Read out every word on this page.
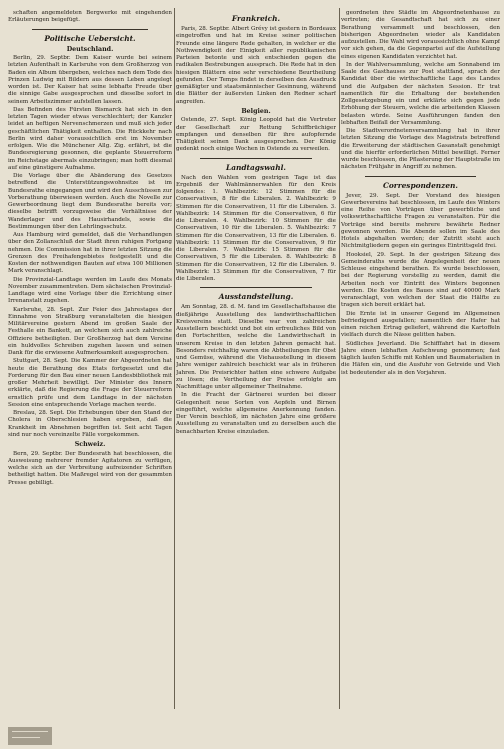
schaften angemeldeten Bergwerke mit eingehenden Erläuterungen beigefügt.

Politische Uebersicht.
Deutschland.

Berlin, 29. Septbr. Dem Kaiser wurde bei seinem letzten Aufenthalt in Karlsruhe von dem Großherzog von Baden ein Album übergeben, welches nach dem Tode des Prinzen Ludwig mit Bildern aus dessen Leben angelegt worden ist. Der Kaiser hat seine lebhafte Freude über die sinnige Gabe ausgesprochen und dieselbe sofort in seinem Arbeitszimmer aufstellen lassen.

Das Befinden des Fürsten Bismarck hat sich in den letzten Tagen wieder etwas verschlechtert; der Kanzler leidet an heftigen Nervenschmerzen und muß sich jeder geschäftlichen Thätigkeit enthalten. Die Rückkehr nach Berlin wird daher voraussichtlich erst im November erfolgen. Wie die Münchener Allg. Zig. erfährt, ist die Bundesregierung gesonnen, die geplante Steuerreform im Reichstage abermals einzubringen; man hofft diesmal auf eine günstigere Aufnahme.

Die Vorlage über die Abänderung des Gesetzes betreffend die Unterstützungswohnsitze ist im Bundesrathe eingegangen und wird den Ausschüssen zur Vorberathung überwiesen werden. Auch die Novelle zur Gewerbeordnung liegt dem Bundesrathe bereits vor; dieselbe betrifft vorzugsweise die Verhältnisse der Wanderlager und des Hausirhandels, sowie die Bestimmungen über den Lehrlingsschutz.

Aus Hamburg wird gemeldet, daß die Verhandlungen über den Zollanschluß der Stadt ihren ruhigen Fortgang nehmen. Die Commission hat in ihrer letzten Sitzung die Grenzen des Freihafengebietes festgestellt und die Kosten der nothwendigen Bauten auf etwa 100 Millionen Mark veranschlagt.

Die Provinzial-Landtage werden im Laufe des Monats November zusammentreten. Dem sächsischen Provinzial-Landtage wird eine Vorlage über die Errichtung einer Irrenanstalt zugehen.

Karlsruhe, 28. Sept. Zur Feier des Jahrestages der Einnahme von Straßburg veranstalteten die hiesigen Militärvereine gestern Abend im großen Saale der Festhalle ein Bankett, an welchem sich auch zahlreiche Offiziere betheiligten. Der Großherzog hat dem Vereine ein huldvolles Schreiben zugehen lassen und seinen Dank für die erwiesene Aufmerksamkeit ausgesprochen.

Stuttgart, 28. Sept. Die Kammer der Abgeordneten hat heute die Berathung des Etats fortgesetzt und die Forderung für den Bau einer neuen Landesbibliothek mit großer Mehrheit bewilligt. Der Minister des Innern erklärte, daß die Regierung die Frage der Steuerreform ernstlich prüfe und dem Landtage in der nächsten Session eine entsprechende Vorlage machen werde.

Breslau, 28. Sept. Die Erhebungen über den Stand der Cholera in Oberschlesien haben ergeben, daß die Krankheit im Abnehmen begriffen ist. Seit acht Tagen sind nur noch vereinzelte Fälle vorgekommen.

Schweiz.

Bern, 29. Septbr. Der Bundesrath hat beschlossen, die Ausweisung mehrerer fremder Agitatoren zu verfügen, welche sich an der Verbreitung aufreizender Schriften betheiligt hatten. Die Maßregel wird von der gesammten Presse gebilligt.

Frankreich.

Paris, 28. Septbr. Albert Grévy ist gestern in Bordeaux eingetroffen und hat im Kreise seiner politischen Freunde eine längere Rede gehalten, in welcher er die Nothwendigkeit der Einigkeit aller republikanischen Parteien betonte und sich entschieden gegen die radikalen Bestrebungen aussprach. Die Rede hat in den hiesigen Blättern eine sehr verschiedene Beurtheilung gefunden. Der Temps findet in derselben den Ausdruck gemäßigter und staatsmännischer Gesinnung, während die Blätter der äußersten Linken den Redner scharf angreifen.

Belgien.

Ostende, 27. Sept. König Leopold hat die Vertreter der Gesellschaft zur Rettung Schiffbrüchiger empfangen und denselben für ihre aufopfernde Thätigkeit seinen Dank ausgesprochen. Der König gedenkt noch einige Wochen in Ostende zu verweilen.

Landtagswahl.

Nach den Wahlen vom gestrigen Tage ist das Ergebniß der Wahlmännerwahlen für den Kreis folgendes: 1. Wahlbezirk: 12 Stimmen für die Conservativen, 8 für die Liberalen. 2. Wahlbezirk: 9 Stimmen für die Conservativen, 11 für die Liberalen. 3. Wahlbezirk: 14 Stimmen für die Conservativen, 6 für die Liberalen. 4. Wahlbezirk: 10 Stimmen für die Conservativen, 10 für die Liberalen. 5. Wahlbezirk: 7 Stimmen für die Conservativen, 13 für die Liberalen. 6. Wahlbezirk: 11 Stimmen für die Conservativen, 9 für die Liberalen. 7. Wahlbezirk: 15 Stimmen für die Conservativen, 5 für die Liberalen. 8. Wahlbezirk: 8 Stimmen für die Conservativen, 12 für die Liberalen. 9. Wahlbezirk: 13 Stimmen für die Conservativen, 7 für die Liberalen.

Ausstandstellung.

Am Sonntag, 28. d. M. fand im Gesellschaftshause die dießjährige Ausstellung des landwirthschaftlichen Kreisvereins statt. Dieselbe war von zahlreichen Ausstellern beschickt und bot ein erfreuliches Bild von den Fortschritten, welche die Landwirthschaft in unserem Kreise in den letzten Jahren gemacht hat. Besonders reichhaltig waren die Abtheilungen für Obst und Gemüse, während die Viehausstellung in diesem Jahre weniger zahlreich beschickt war als in früheren Jahren. Die Preisrichter hatten eine schwere Aufgabe zu lösen; die Vertheilung der Preise erfolgte am Nachmittage unter allgemeiner Theilnahme.

In die Fracht der Gärtnerei wurden bei dieser Gelegenheit neue Sorten von Aepfeln und Birnen eingeführt, welche allgemeine Anerkennung fanden. Der Verein beschloß, im nächsten Jahre eine größere Ausstellung zu veranstalten und zu derselben auch die benachbarten Kreise einzuladen.

geordneten ihre Städte im Abgeordnetenhause zu vertreten; die Gesandtschaft hat sich zu einer Berathung versammelt und beschlossen, den bisherigen Abgeordneten wieder als Kandidaten aufzustellen. Die Wahl wird voraussichtlich ohne Kampf vor sich gehen, da die Gegenpartei auf die Aufstellung eines eigenen Kandidaten verzichtet hat.

In der Wahlversammlung, welche am Sonnabend im Saale des Gasthauses zur Post stattfand, sprach der Kandidat über die wirthschaftliche Lage des Landes und die Aufgaben der nächsten Session. Er trat namentlich für die Erhaltung der bestehenden Zollgesetzgebung ein und erklärte sich gegen jede Erhöhung der Steuern, welche die arbeitenden Klassen belasten würde. Seine Ausführungen fanden den lebhaften Beifall der Versammlung.

Die Stadtverordnetenversammlung hat in ihrer letzten Sitzung die Vorlage des Magistrats betreffend die Erweiterung der städtischen Gasanstalt genehmigt und die hierfür erforderlichen Mittel bewilligt. Ferner wurde beschlossen, die Pflasterung der Hauptstraße im nächsten Frühjahr in Angriff zu nehmen.

Correspondenzen.

Jever, 29. Sept. Der Vorstand des hiesigen Gewerbevereins hat beschlossen, im Laufe des Winters eine Reihe von Vorträgen über gewerbliche und volkswirthschaftliche Fragen zu veranstalten. Für die Vorträge sind bereits mehrere bewährte Redner gewonnen worden. Die Abende sollen im Saale des Hotels abgehalten werden; der Zutritt steht auch Nichtmitgliedern gegen ein geringes Eintrittsgeld frei.

Hooksiel, 29. Sept. In der gestrigen Sitzung des Gemeinderaths wurde die Angelegenheit der neuen Schleuse eingehend berathen. Es wurde beschlossen, bei der Regierung vorstellig zu werden, damit die Arbeiten noch vor Eintritt des Winters begonnen werden. Die Kosten des Baues sind auf 40000 Mark veranschlagt, von welchen der Staat die Hälfte zu tragen sich bereit erklärt hat.

Die Ernte ist in unserer Gegend im Allgemeinen befriedigend ausgefallen; namentlich der Hafer hat einen reichen Ertrag geliefert, während die Kartoffeln vielfach durch die Nässe gelitten haben.

Südliches Jeverland. Die Schifffahrt hat in diesem Jahre einen lebhaften Aufschwung genommen; fast täglich laufen Schiffe mit Kohlen und Baumaterialien in die Häfen ein, und die Ausfuhr von Getreide und Vieh ist bedeutender als in den Vorjahren.
